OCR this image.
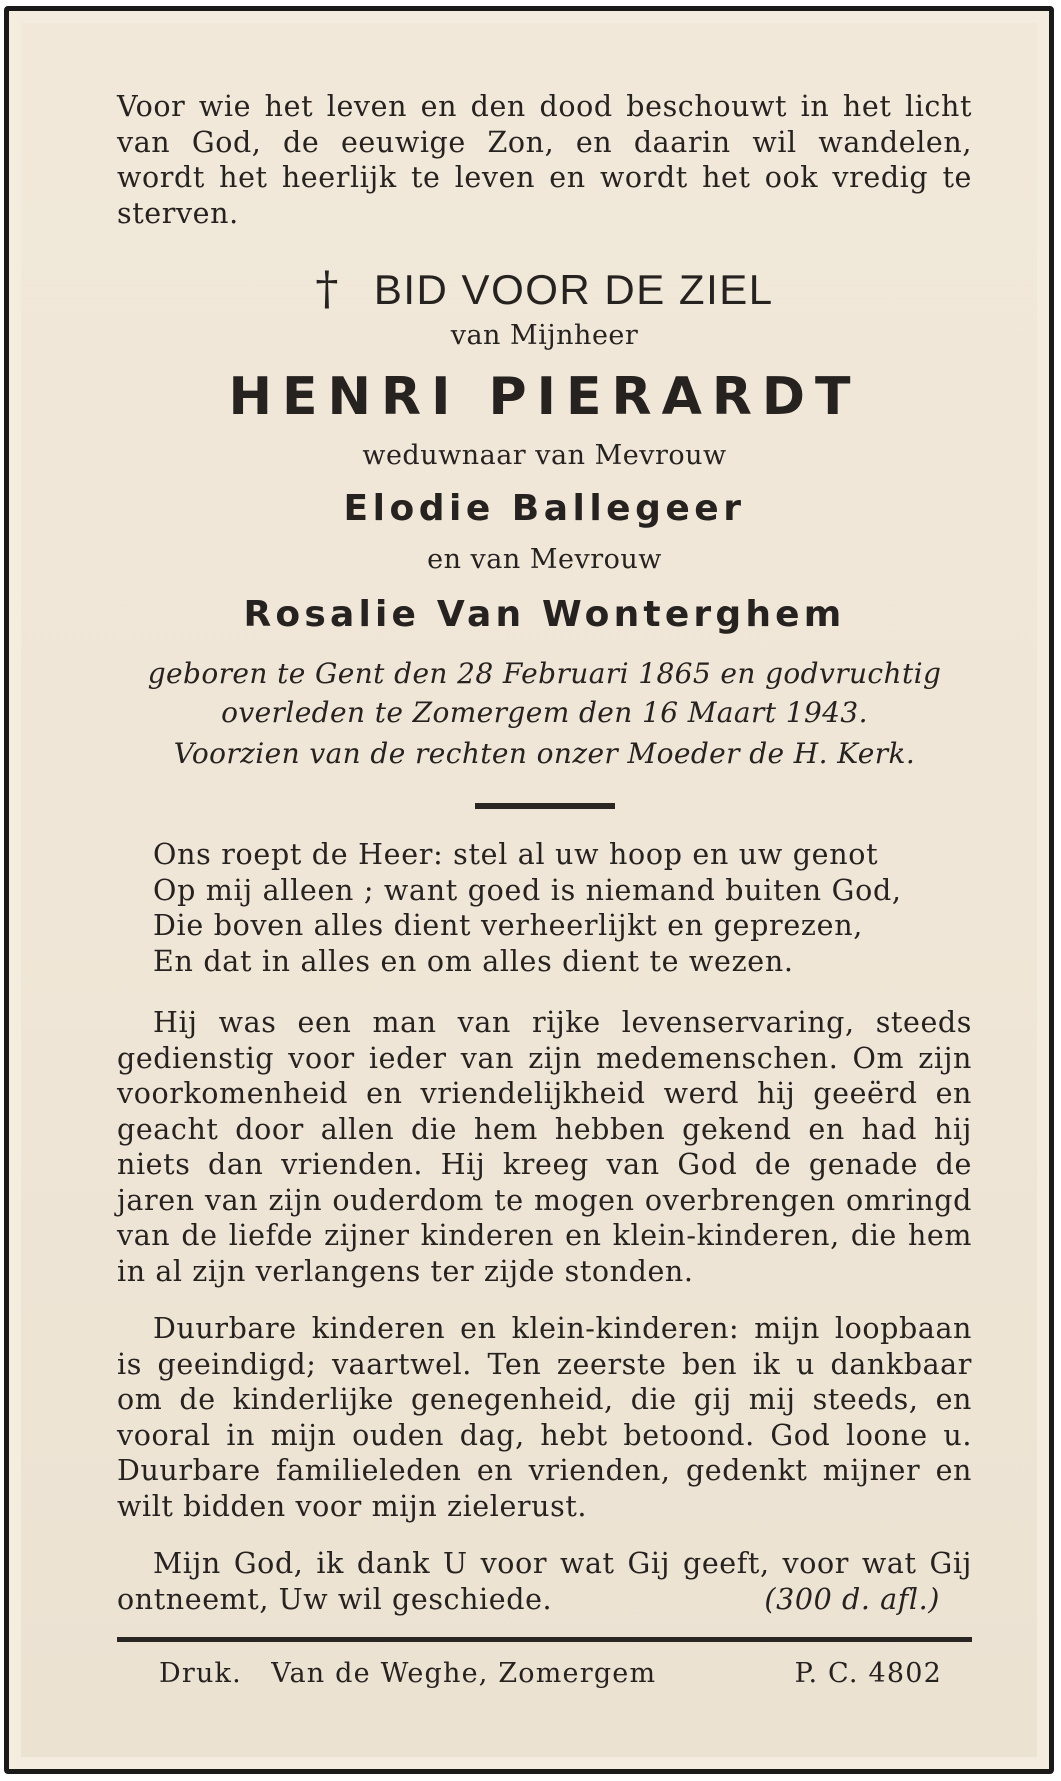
Voor wie het leven en den dood beschouwt in het licht van God, de eeuwige Zon, en daarin wil wandelen, wordt het heerlijk te leven en wordt het ook vredig te sterven.

† BID VOOR DE ZIEL

van Mijnheer

HENRI PIERARDT

weduwnaar van Mevrouw

Elodie Ballegeer

en van Mevrouw

Rosalie Van Wonterghem

geboren te Gent den 28 Februari 1865 en godvruchtig

overleden te Zomergem den 16 Maart 1943.

Voorzien van de rechten onzer Moeder de H. Kerk.

Ons roept de Heer: stel al uw hoop en uw genot
Op mij alleen ; want goed is niemand buiten God,
Die boven alles dient verheerlijkt en geprezen,
En dat in alles en om alles dient te wezen.

Hij was een man van rijke levenservaring, steeds gedienstig voor ieder van zijn medemenschen. Om zijn voorkomenheid en vriendelijkheid werd hij geeërd en geacht door allen die hem hebben gekend en had hij niets dan vrienden. Hij kreeg van God de genade de jaren van zijn ouderdom te mogen overbrengen omringd van de liefde zijner kinderen en klein-kinderen, die hem in al zijn verlangens ter zijde stonden.

Duurbare kinderen en klein-kinderen: mijn loopbaan is geeindigd; vaartwel. Ten zeerste ben ik u dankbaar om de kinderlijke genegenheid, die gij mij steeds, en vooral in mijn ouden dag, hebt betoond. God loone u. Duurbare familieleden en vrienden, gedenkt mijner en wilt bidden voor mijn zielerust.

Mijn God, ik dank U voor wat Gij geeft, voor wat Gij ontneemt, Uw wil geschiede.	(300 d. afl.)

Druk.   Van de Weghe, Zomergem	P. C. 4802
